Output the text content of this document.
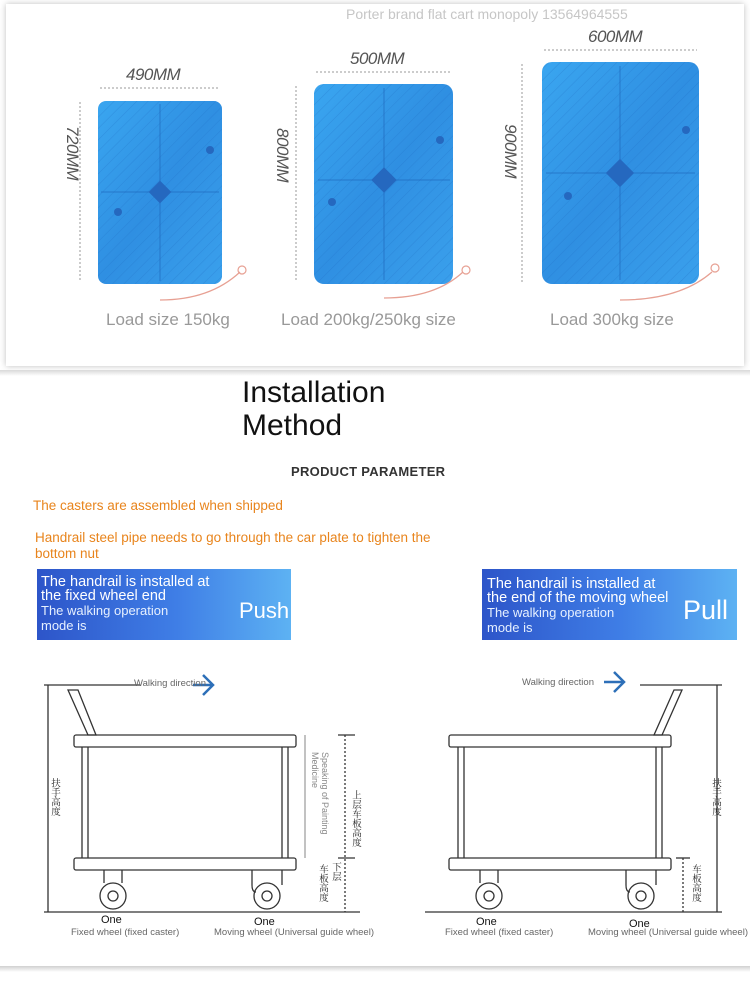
Porter brand flat cart monopoly 13564964555
490MM
720MM
500MM
800MM
600MM
900MM
Load size 150kg	Load 200kg/250kg size	Load 300kg size
Installation
Method
PRODUCT PARAMETER
The casters are assembled when shipped
Handrail steel pipe needs to go through the car plate to tighten the bottom nut
The handrail is installed at
the fixed wheel end
The walking operation
mode is
Push
The handrail is installed at
the end of the moving wheel
The walking operation
mode is
Pull
Walking direction
扶手高度	Speaking of Painting Medicine
上层车板高度
下层
车板高度
One	One
Fixed wheel (fixed caster)	Moving wheel (Universal guide wheel)
Walking direction
扶手高度
车板高度
One	One
Fixed wheel (fixed caster)	Moving wheel (Universal guide wheel)
